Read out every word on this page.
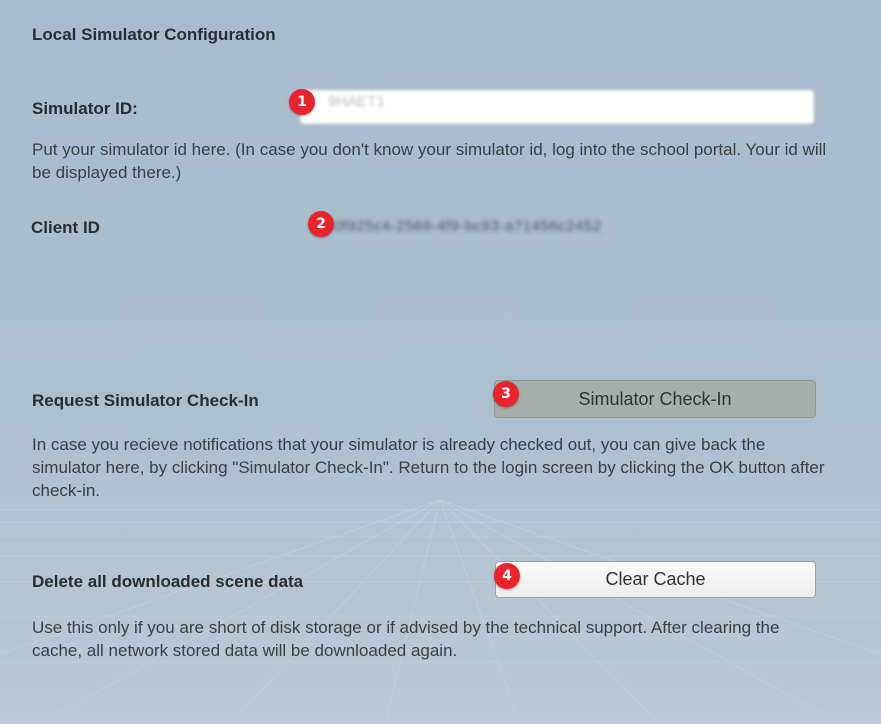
Local Simulator Configuration
Simulator ID:	9HAET1
Put your simulator id here. (In case you don't know your simulator id, log into the school portal. Your id will be displayed there.)
Client ID	0f925c4-2569-4f9-bc93-a71456c2452
Request Simulator Check-In	Simulator Check-In
In case you recieve notifications that your simulator is already checked out, you can give back the simulator here, by clicking "Simulator Check-In". Return to the login screen by clicking the OK button after check-in.
Delete all downloaded scene data	Clear Cache
Use this only if you are short of disk storage or if advised by the technical support. After clearing the cache, all network stored data will be downloaded again.
1
2
3
4
